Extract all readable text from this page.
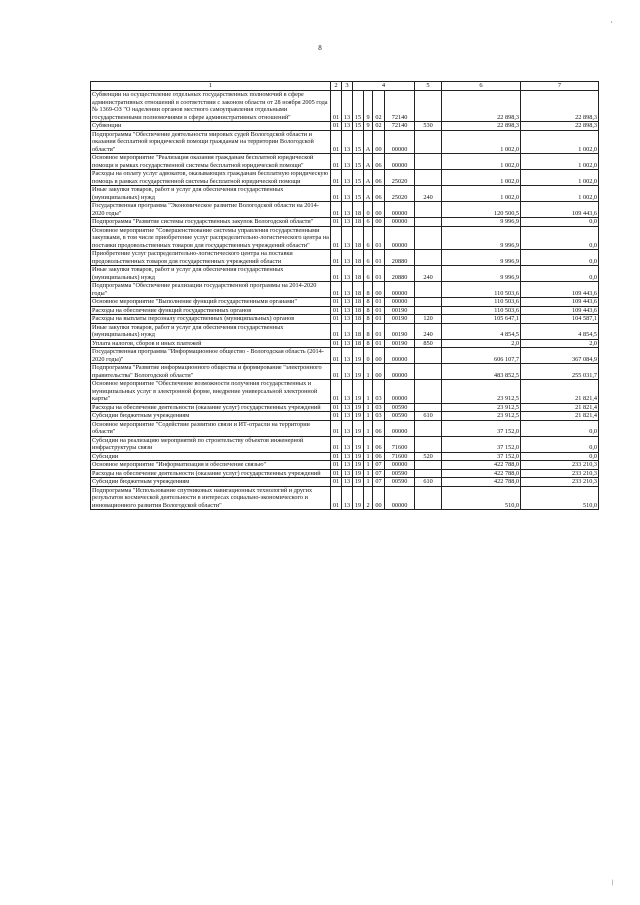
8
1	2	3	4				5	6	7
Субвенции на осуществление отдельных государственных полномочий в сфере административных отношений в соответствии с законом области от 28 ноября 2005 года № 1369-ОЗ "О наделении органов местного самоуправления отдельными государственными полномочиями в сфере административных отношений"	01	13	15	9	02	72140		22 898,3	22 898,3
Субвенции	01	13	15	9	02	72140	530	22 898,3	22 898,3
Подпрограмма "Обеспечение деятельности мировых судей Вологодской области и оказания бесплатной юридической помощи гражданам на территории Вологодской области"	01	13	15	А	00	00000		1 002,0	1 002,0
Основное мероприятие "Реализация оказания гражданам бесплатной юридической помощи в рамках государственной системы бесплатной юридической помощи"	01	13	15	А	06	00000		1 002,0	1 002,0
Расходы на оплату услуг адвокатов, оказывающих гражданам бесплатную юридическую помощь в рамках государственной системы бесплатной юридической помощи	01	13	15	А	06	25020		1 002,0	1 002,0
Иные закупки товаров, работ и услуг для обеспечения государственных (муниципальных) нужд	01	13	15	А	06	25020	240	1 002,0	1 002,0
Государственная программа "Экономическое развитие Вологодской области на 2014-2020 годы"	01	13	18	0	00	00000		120 500,5	109 443,6
Подпрограмма "Развитие системы государственных закупок Вологодской области"	01	13	18	6	00	00000		9 996,9	0,0
Основное мероприятие "Совершенствование системы управления государственными закупками, в том числе приобретение услуг распределительно-логистического центра на поставки продовольственных товаров для государственных учреждений области"	01	13	18	6	01	00000		9 996,9	0,0
Приобретение услуг распределительно-логистического центра на поставки продовольственных товаров для государственных учреждений области	01	13	18	6	01	20880		9 996,9	0,0
Иные закупки товаров, работ и услуг для обеспечения государственных (муниципальных) нужд	01	13	18	6	01	20880	240	9 996,9	0,0
Подпрограмма "Обеспечение реализации государственной программы на 2014-2020 годы"	01	13	18	8	00	00000		110 503,6	109 443,6
Основное мероприятие "Выполнение функций государственными органами"	01	13	18	8	01	00000		110 503,6	109 443,6
Расходы на обеспечение функций государственных органов	01	13	18	8	01	00190		110 503,6	109 443,6
Расходы на выплаты персоналу государственных (муниципальных) органов	01	13	18	8	01	00190	120	105 647,1	104 587,1
Иные закупки товаров, работ и услуг для обеспечения государственных (муниципальных) нужд	01	13	18	8	01	00190	240	4 854,5	4 854,5
Уплата налогов, сборов и иных платежей	01	13	18	8	01	00190	850	2,0	2,0
Государственная программа "Информационное общество - Вологодская область (2014-2020 годы)"	01	13	19	0	00	00000		606 107,7	367 084,9
Подпрограмма "Развитие информационного общества и формирование "электронного правительства" Вологодской области"	01	13	19	1	00	00000		483 852,5	255 031,7
Основное мероприятие "Обеспечение возможности получения государственных и муниципальных услуг в электронной форме, внедрение универсальной электронной карты"	01	13	19	1	03	00000		23 912,5	21 821,4
Расходы на обеспечение деятельности (оказание услуг) государственных учреждений	01	13	19	1	03	00590		23 912,5	21 821,4
Субсидии бюджетным учреждениям	01	13	19	1	03	00590	610	23 912,5	21 821,4
Основное мероприятие "Содействие развитию связи и ИТ-отрасли на территории области"	01	13	19	1	06	00000		37 152,0	0,0
Субсидии на реализацию мероприятий по строительству объектов инженерной инфраструктуры связи	01	13	19	1	06	71600		37 152,0	0,0
Субсидии	01	13	19	1	06	71600	520	37 152,0	0,0
Основное мероприятие "Информатизация и обеспечение связью"	01	13	19	1	07	00000		422 788,0	233 210,3
Расходы на обеспечение деятельности (оказание услуг) государственных учреждений	01	13	19	1	07	00590		422 788,0	233 210,3
Субсидии бюджетным учреждениям	01	13	19	1	07	00590	610	422 788,0	233 210,3
Подпрограмма "Использование спутниковых навигационных технологий и других результатов космической деятельности в интересах социально-экономического и инновационного развития Вологодской области"	01	13	19	2	00	00000		510,0	510,0
,
|
